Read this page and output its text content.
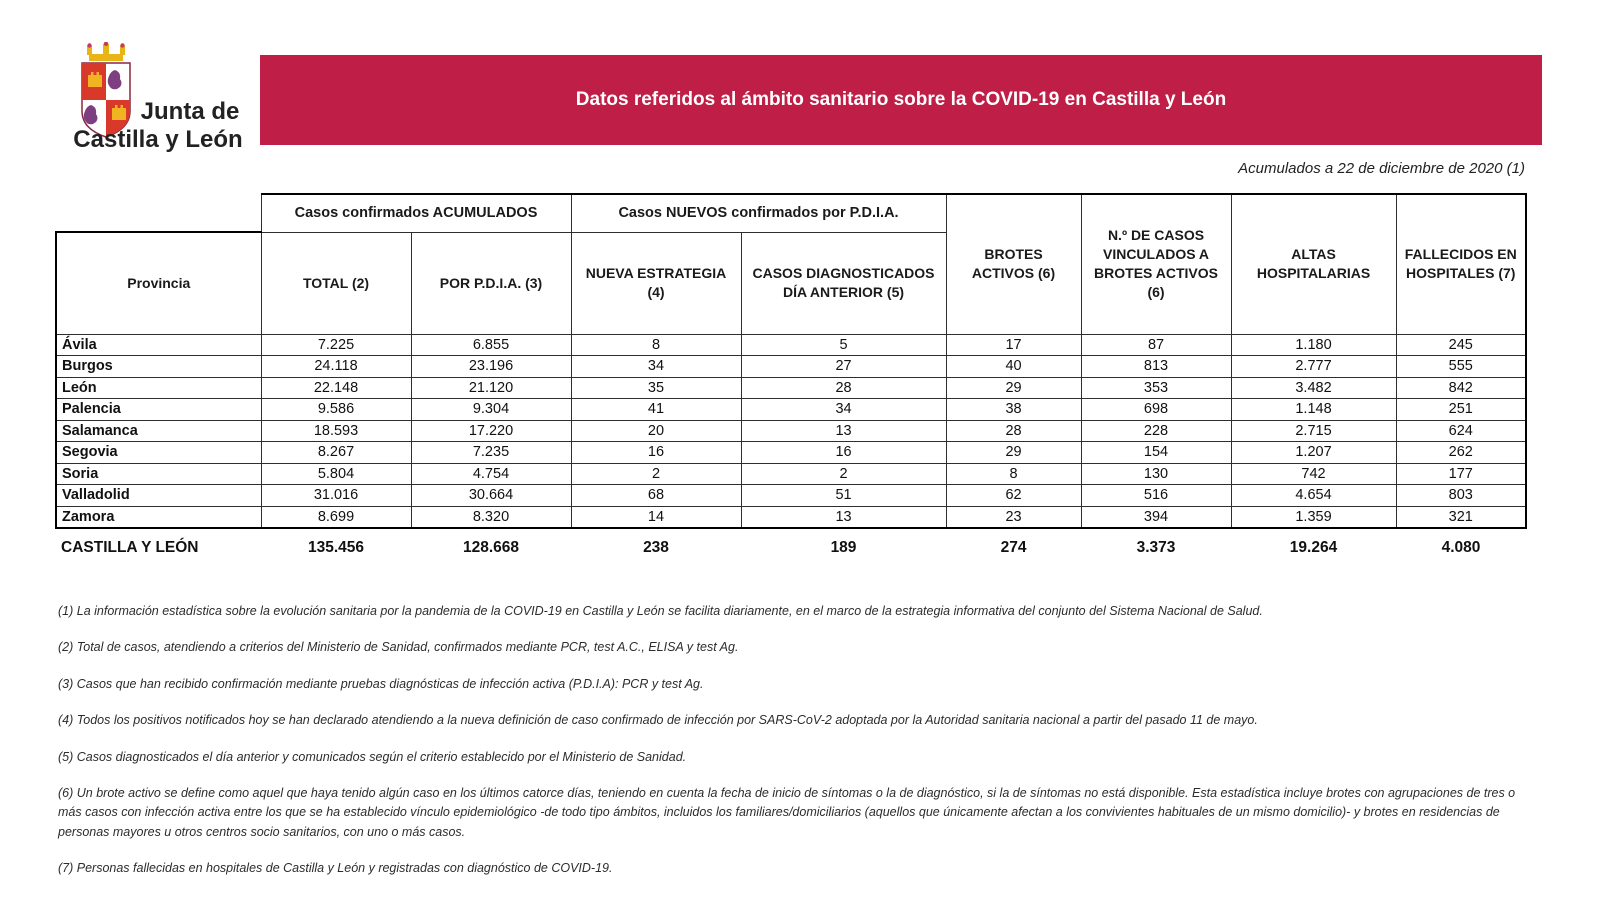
Junta de
Castilla y León
Datos referidos al ámbito sanitario sobre la COVID-19 en Castilla y León
Acumulados a 22 de diciembre de 2020 (1)
	Casos confirmados ACUMULADOS		Casos NUEVOS confirmados por P.D.I.A.		BROTES ACTIVOS (6)	N.º DE CASOS VINCULADOS A BROTES ACTIVOS (6)	ALTAS HOSPITALARIAS	FALLECIDOS EN HOSPITALES (7)
Provincia	TOTAL (2)	POR P.D.I.A. (3)	NUEVA ESTRATEGIA (4)	CASOS DIAGNOSTICADOS DÍA ANTERIOR (5)				
Ávila	7.225	6.855	8	5	17	87	1.180	245
Burgos	24.118	23.196	34	27	40	813	2.777	555
León	22.148	21.120	35	28	29	353	3.482	842
Palencia	9.586	9.304	41	34	38	698	1.148	251
Salamanca	18.593	17.220	20	13	28	228	2.715	624
Segovia	8.267	7.235	16	16	29	154	1.207	262
Soria	5.804	4.754	2	2	8	130	742	177
Valladolid	31.016	30.664	68	51	62	516	4.654	803
Zamora	8.699	8.320	14	13	23	394	1.359	321
CASTILLA Y LEÓN	135.456	128.668	238	189	274	3.373	19.264	4.080

(1) La información estadística sobre la evolución sanitaria por la pandemia de la COVID-19 en Castilla y León se facilita diariamente, en el marco de la estrategia informativa del conjunto del Sistema Nacional de Salud.

(2) Total de casos, atendiendo a criterios del Ministerio de Sanidad, confirmados mediante PCR, test A.C., ELISA y test Ag.

(3) Casos que han recibido confirmación mediante pruebas diagnósticas de infección activa (P.D.I.A): PCR y test Ag.

(4) Todos los positivos notificados hoy se han declarado atendiendo a la nueva definición de caso confirmado de infección por SARS-CoV-2 adoptada por la Autoridad sanitaria nacional a partir del pasado 11 de mayo.

(5) Casos diagnosticados el día anterior y comunicados según el criterio establecido por el Ministerio de Sanidad.

(6) Un brote activo se define como aquel que haya tenido algún caso en los últimos catorce días, teniendo en cuenta la fecha de inicio de síntomas o la de diagnóstico, si la de síntomas no está disponible. Esta estadística incluye brotes con agrupaciones de tres o más casos con infección activa entre los que se ha establecido vínculo epidemiológico -de todo tipo ámbitos, incluidos los familiares/domiciliarios (aquellos que únicamente afectan a los convivientes habituales de un mismo domicilio)- y brotes en residencias de personas mayores u otros centros socio sanitarios, con uno o más casos.

(7) Personas fallecidas en hospitales de Castilla y León y registradas con diagnóstico de COVID-19.
